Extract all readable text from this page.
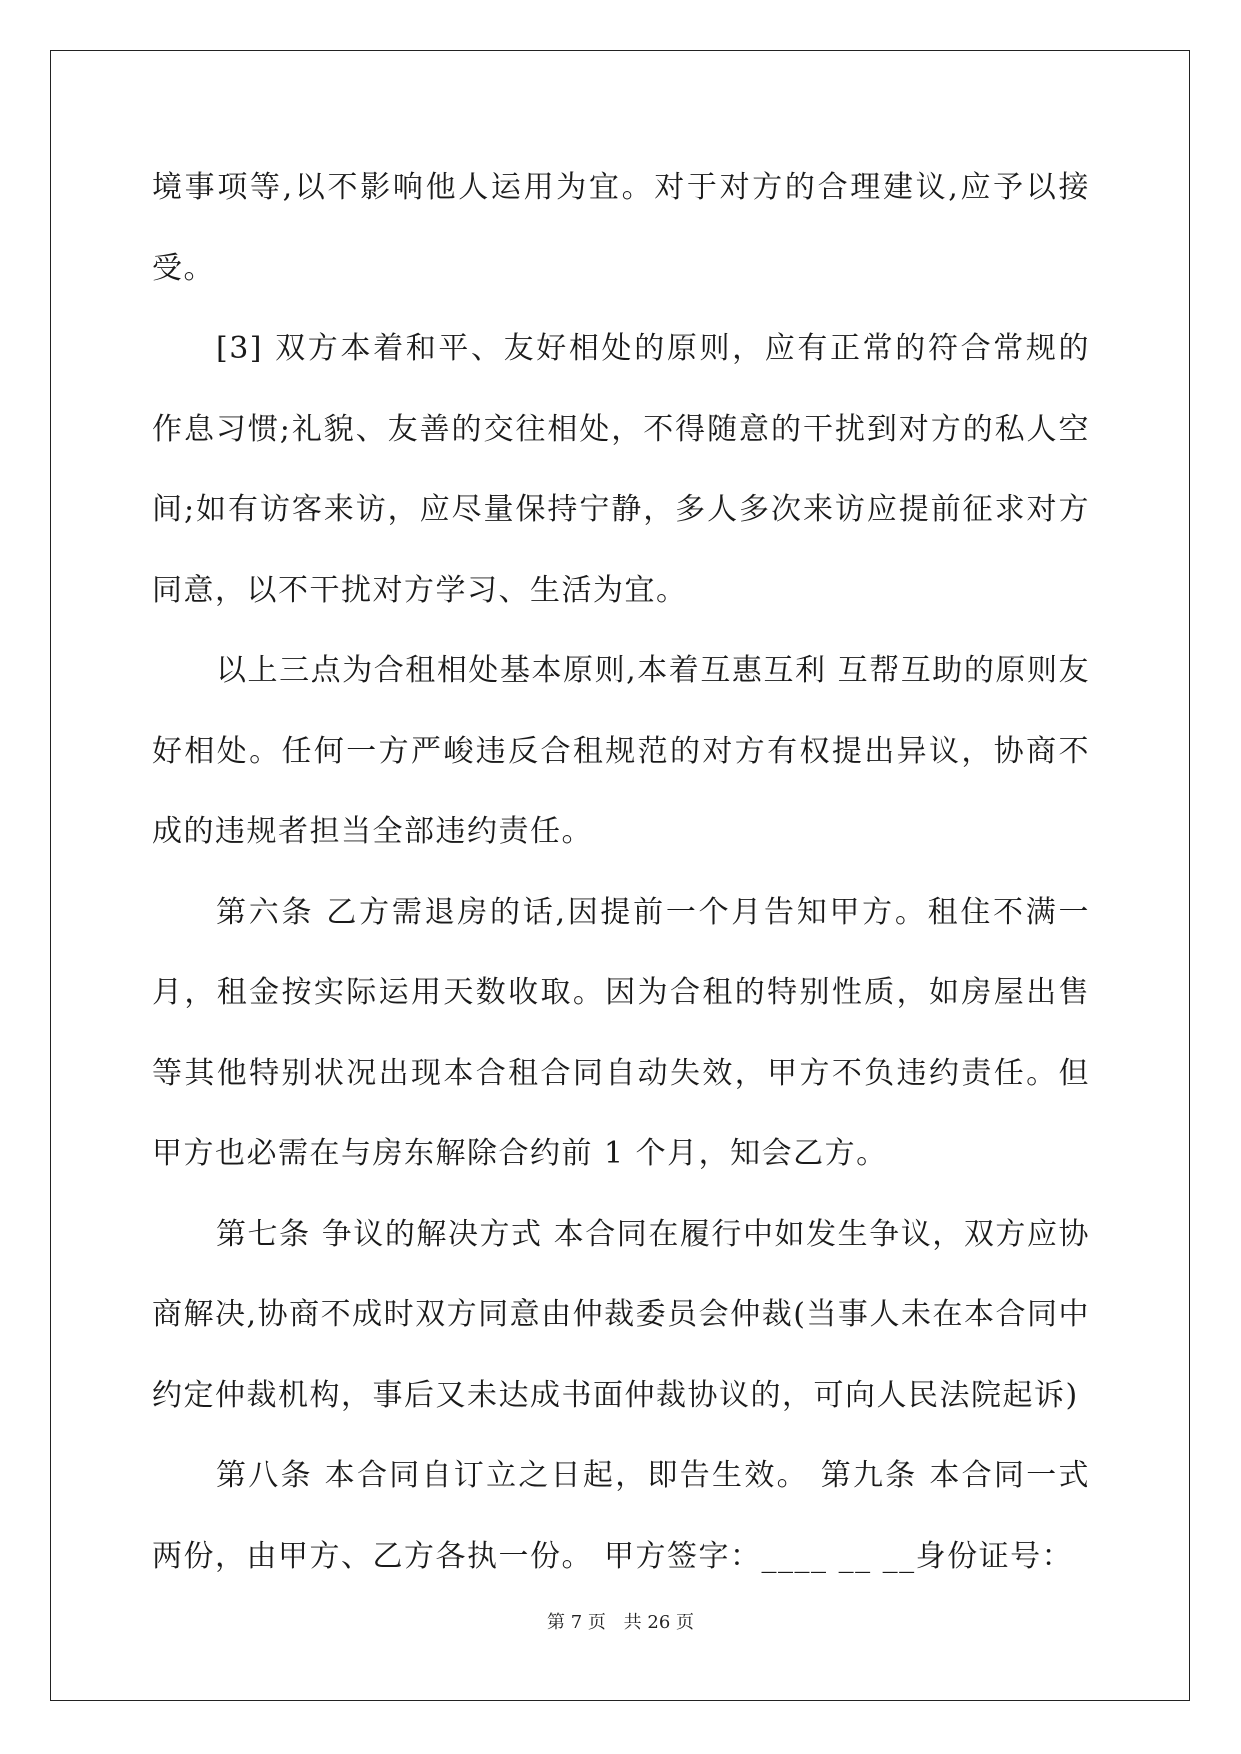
境事项等,以不影响他人运用为宜。对于对方的合理建议,应予以接受。

[3] 双方本着和平、友好相处的原则，应有正常的符合常规的作息习惯;礼貌、友善的交往相处，不得随意的干扰到对方的私人空间;如有访客来访，应尽量保持宁静，多人多次来访应提前征求对方同意，以不干扰对方学习、生活为宜。

以上三点为合租相处基本原则,本着互惠互利 互帮互助的原则友好相处。任何一方严峻违反合租规范的对方有权提出异议，协商不成的违规者担当全部违约责任。

第六条 乙方需退房的话,因提前一个月告知甲方。租住不满一月，租金按实际运用天数收取。因为合租的特别性质，如房屋出售等其他特别状况出现本合租合同自动失效，甲方不负违约责任。但甲方也必需在与房东解除合约前 1 个月，知会乙方。

第七条 争议的解决方式 本合同在履行中如发生争议，双方应协商解决,协商不成时双方同意由仲裁委员会仲裁(当事人未在本合同中约定仲裁机构，事后又未达成书面仲裁协议的，可向人民法院起诉)

第八条 本合同自订立之日起，即告生效。 第九条 本合同一式两份，由甲方、乙方各执一份。 甲方签字：____ __ __身份证号：

第 7 页 共 26 页
